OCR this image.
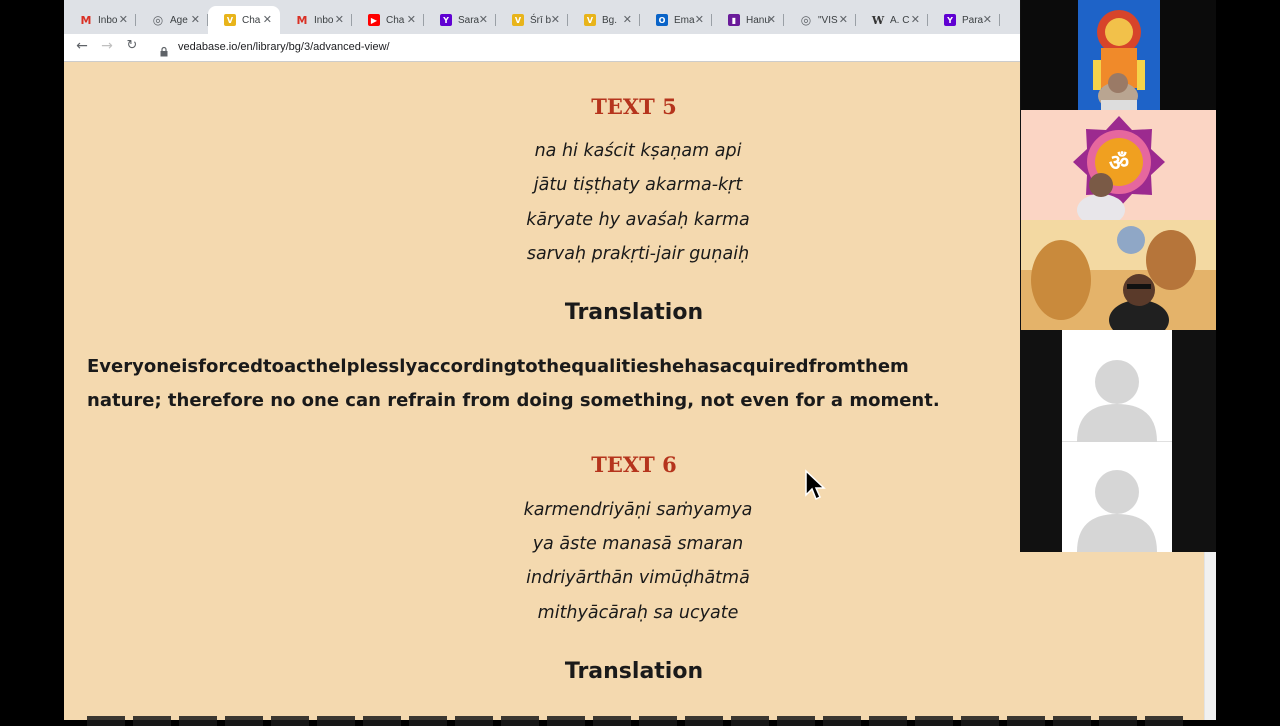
M Inbo ✕ ◎ Age ✕	V Cha ✕ M Inbo ✕	▶ Cha ✕	Y Sara ✕	V Śrī b ✕	V Bg. ✕	O Ema ✕	▮ Hanu
✕ ◎ "VIS ✕ W A. C ✕	Y Para ✕
← →	↻	vedabase.io/en/library/bg/3/advanced-view/
TEXT 5
na hi kaścit kṣaṇam api
jātu tiṣṭhaty akarma-kṛt
kāryate hy avaśaḥ karma
sarvaḥ prakṛti-jair guṇaiḥ
Translation
Everyoneisforcedtoacthelplesslyaccordingtothequalitieshehasacquiredfromthem
nature; therefore no one can refrain from doing something, not even for a moment.
TEXT 6
karmendriyāṇi saṁyamya
ya āste manasā smaran
indriyārthān vimūḍhātmā
mithyācāraḥ sa ucyate
Translation
ॐ
